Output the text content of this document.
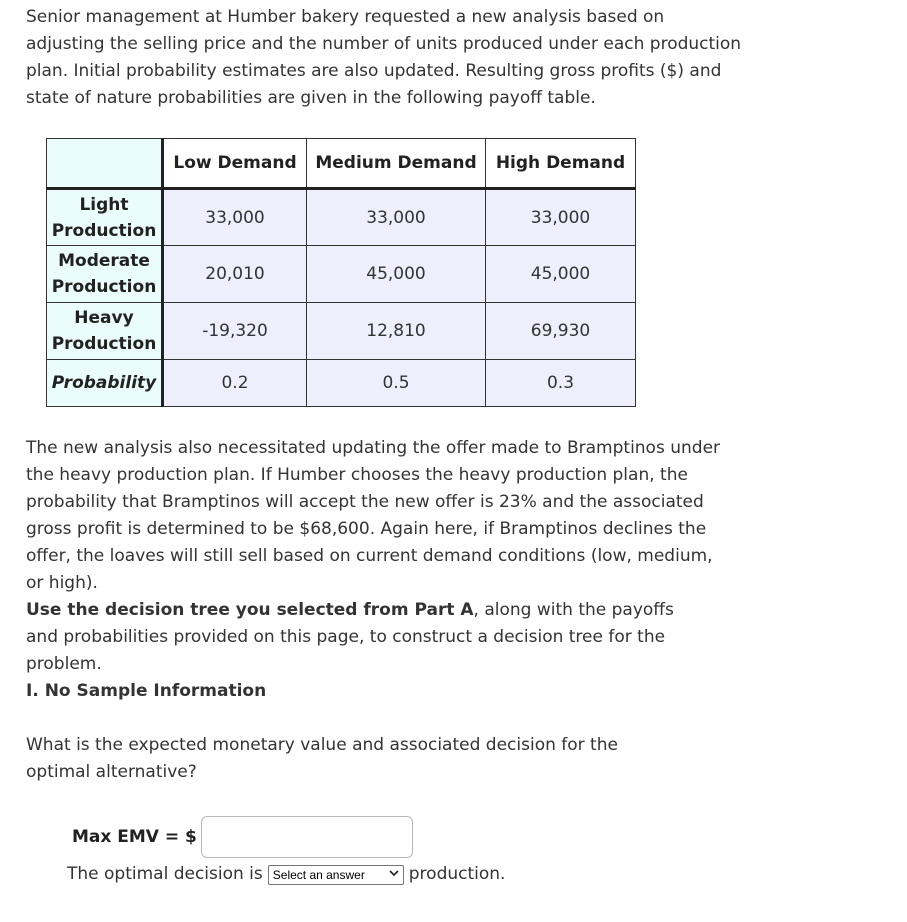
Senior management at Humber bakery requested a new analysis based on adjusting the selling price and the number of units produced under each production plan. Initial probability estimates are also updated. Resulting gross profits ($) and state of nature probabilities are given in the following payoff table.

	Low Demand	Medium Demand	High Demand
Light
Production	33,000	33,000	33,000
Moderate
Production	20,010	45,000	45,000
Heavy
Production	-19,320	12,810	69,930
Probability	0.2	0.5	0.3

The new analysis also necessitated updating the offer made to Bramptinos under the heavy production plan. If Humber chooses the heavy production plan, the probability that Bramptinos will accept the new offer is 23% and the associated gross profit is determined to be $68,600. Again here, if Bramptinos declines the offer, the loaves will still sell based on current demand conditions (low, medium, or high).

Use the decision tree you selected from Part A, along with the payoffs and probabilities provided on this page, to construct a decision tree for the problem.

I. No Sample Information

What is the expected monetary value and associated decision for the optimal alternative?

Max EMV = $
The optimal decision is Select an answer	production.
